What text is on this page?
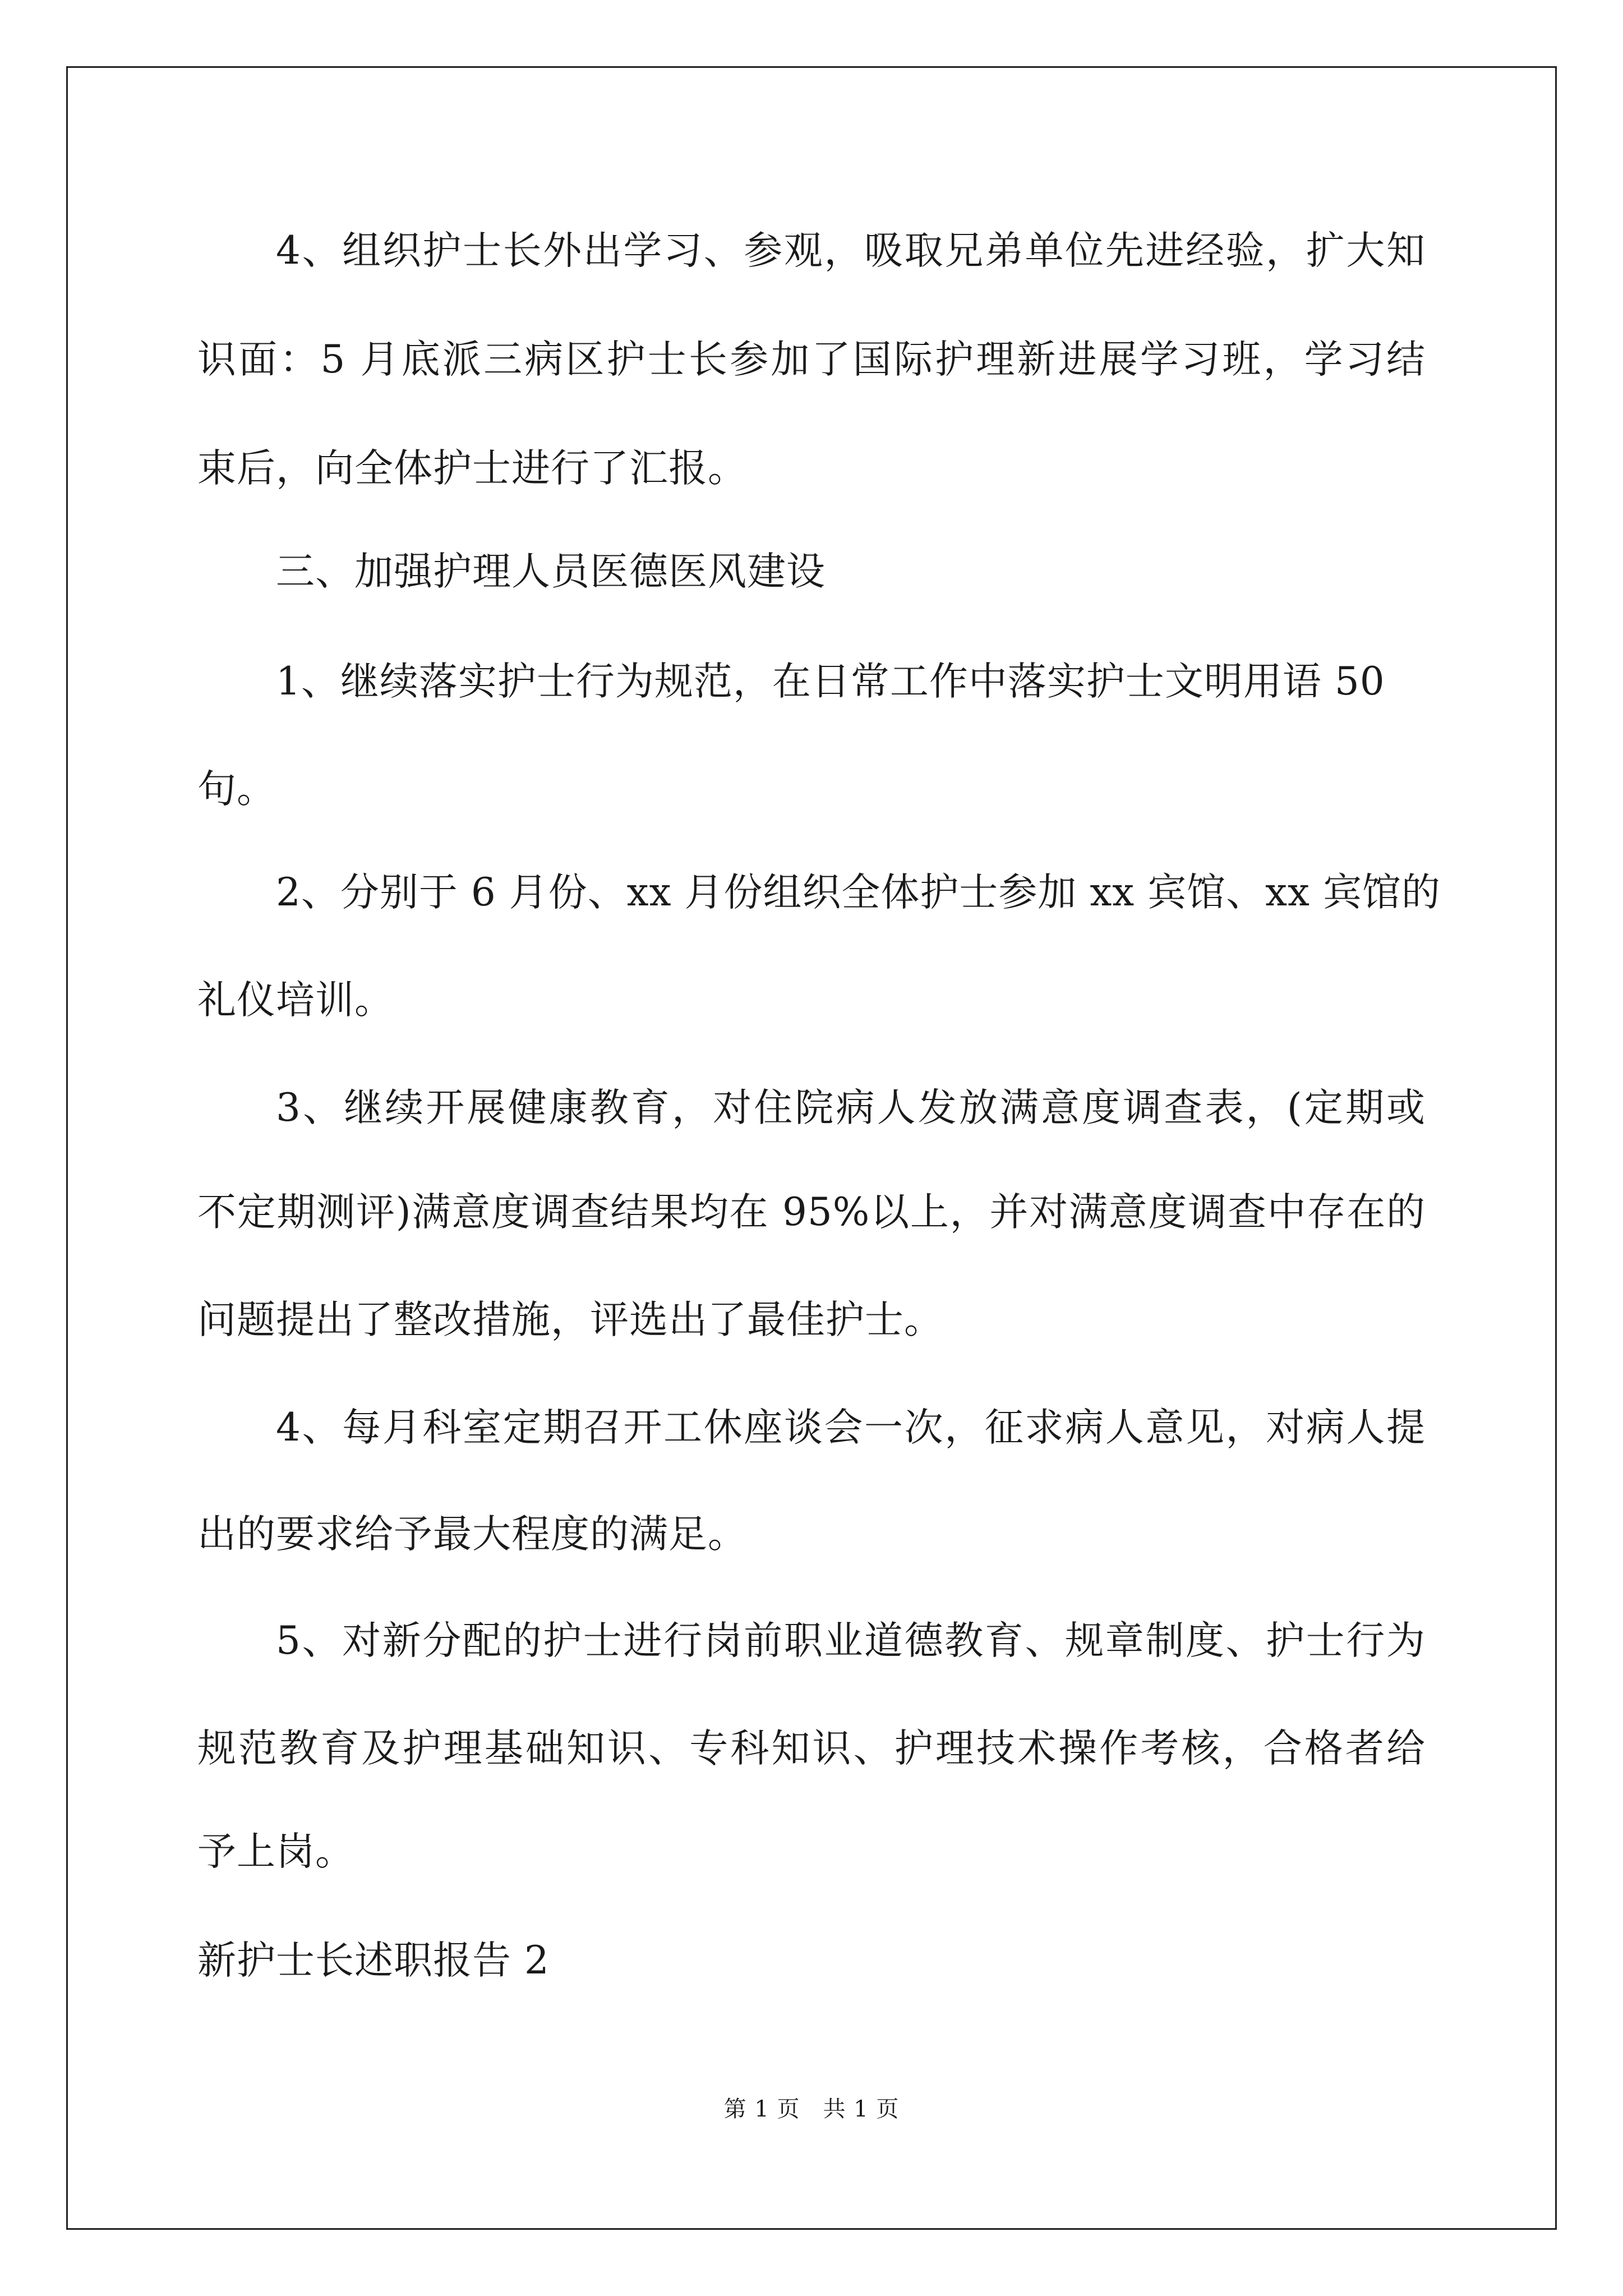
4、组织护士长外出学习、参观，吸取兄弟单位先进经验，扩大知
识面：5 月底派三病区护士长参加了国际护理新进展学习班，学习结
束后，向全体护士进行了汇报。
三、加强护理人员医德医风建设
1、继续落实护士行为规范，在日常工作中落实护士文明用语 50
句。
2、分别于 6 月份、xx 月份组织全体护士参加 xx 宾馆、xx 宾馆的
礼仪培训。
3、继续开展健康教育，对住院病人发放满意度调查表，(定期或
不定期测评)满意度调查结果均在 95%以上，并对满意度调查中存在的
问题提出了整改措施，评选出了最佳护士。
4、每月科室定期召开工休座谈会一次，征求病人意见，对病人提
出的要求给予最大程度的满足。
5、对新分配的护士进行岗前职业道德教育、规章制度、护士行为
规范教育及护理基础知识、专科知识、护理技术操作考核，合格者给
予上岗。
新护士长述职报告 2
第 1 页　共 1 页
